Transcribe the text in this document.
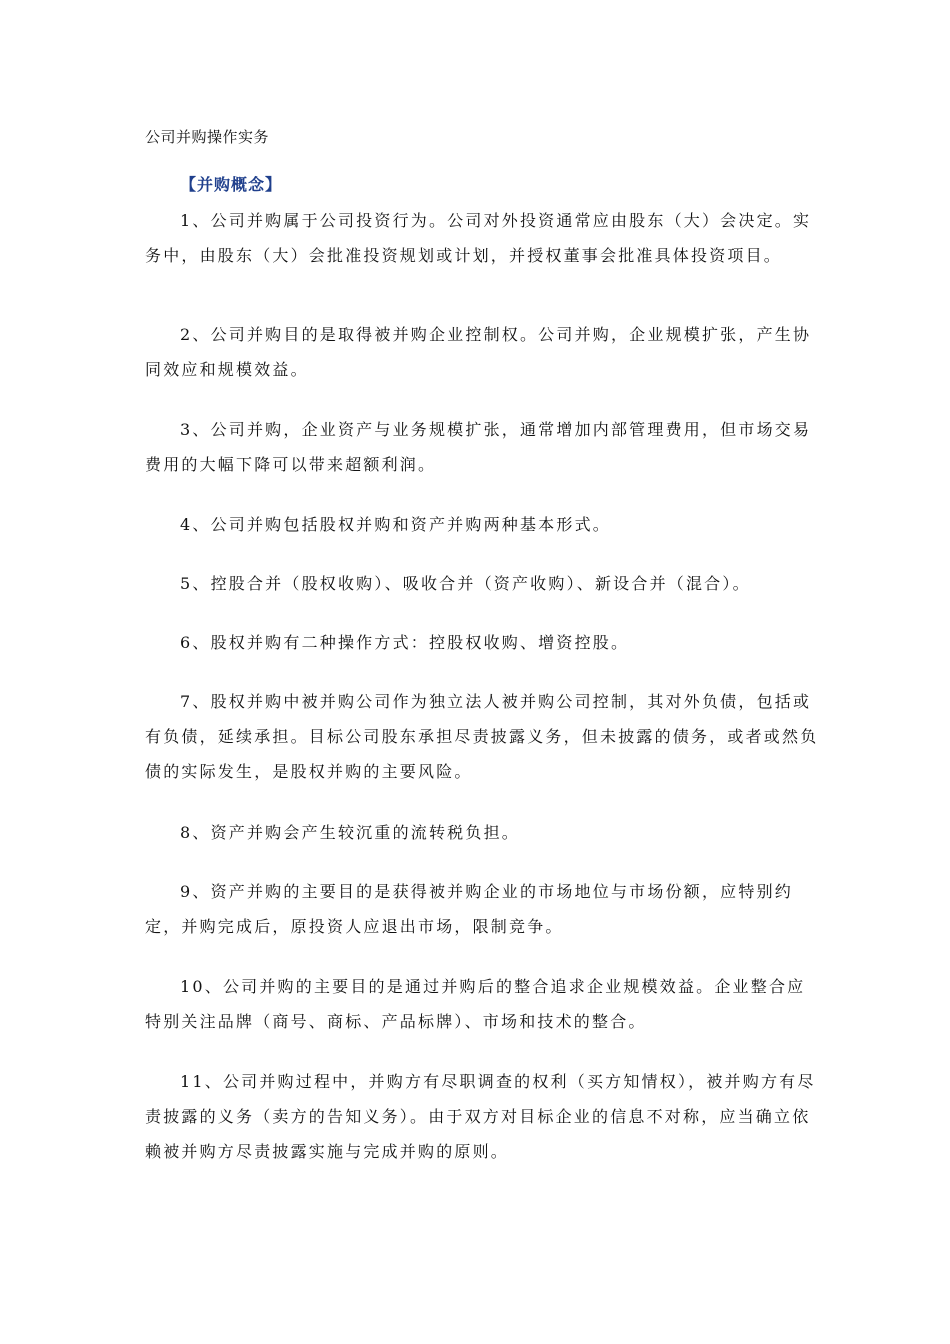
公司并购操作实务
【并购概念】

1、公司并购属于公司投资行为。公司对外投资通常应由股东（大）会决定。实务中，由股东（大）会批准投资规划或计划，并授权董事会批准具体投资项目。

2、公司并购目的是取得被并购企业控制权。公司并购，企业规模扩张，产生协同效应和规模效益。

3、公司并购，企业资产与业务规模扩张，通常增加内部管理费用，但市场交易费用的大幅下降可以带来超额利润。

4、公司并购包括股权并购和资产并购两种基本形式。

5、控股合并（股权收购）、吸收合并（资产收购）、新设合并（混合）。

6、股权并购有二种操作方式：控股权收购、增资控股。

7、股权并购中被并购公司作为独立法人被并购公司控制，其对外负债，包括或有负债，延续承担。目标公司股东承担尽责披露义务，但未披露的债务，或者或然负债的实际发生，是股权并购的主要风险。

8、资产并购会产生较沉重的流转税负担。

9、资产并购的主要目的是获得被并购企业的市场地位与市场份额，应特别约定，并购完成后，原投资人应退出市场，限制竞争。

10、公司并购的主要目的是通过并购后的整合追求企业规模效益。企业整合应特别关注品牌（商号、商标、产品标牌）、市场和技术的整合。

11、公司并购过程中，并购方有尽职调查的权利（买方知情权），被并购方有尽责披露的义务（卖方的告知义务）。由于双方对目标企业的信息不对称，应当确立依赖被并购方尽责披露实施与完成并购的原则。
